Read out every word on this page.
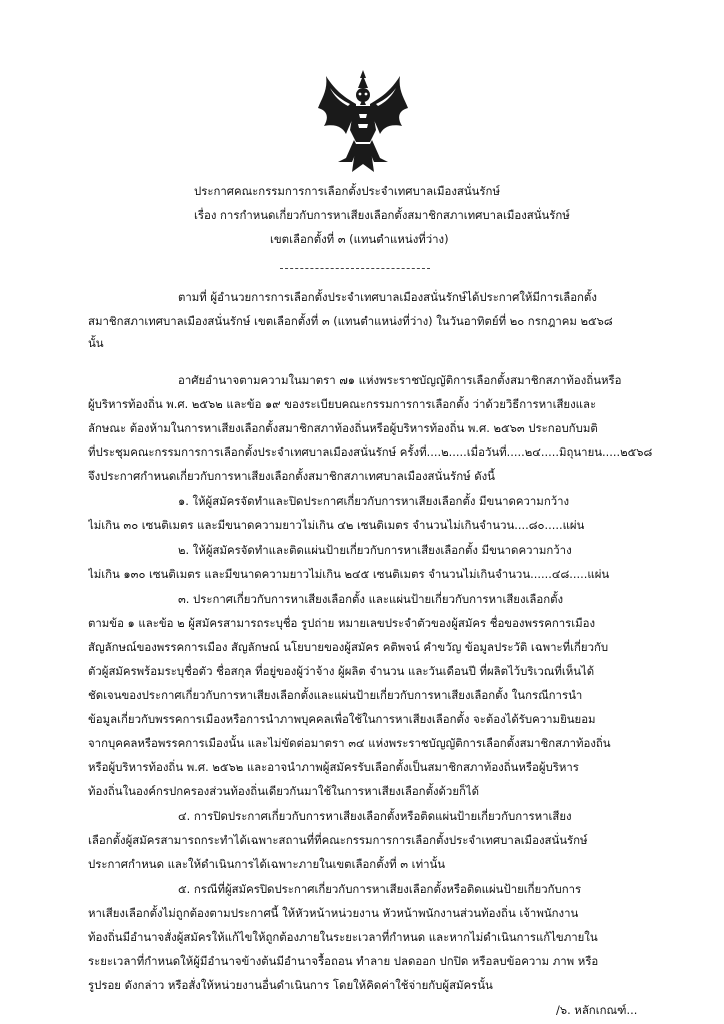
ประกาศคณะกรรมการการเลือกตั้งประจำเทศบาลเมืองสนั่นรักษ์
เรื่อง การกำหนดเกี่ยวกับการหาเสียงเลือกตั้งสมาชิกสภาเทศบาลเมืองสนั่นรักษ์
เขตเลือกตั้งที่ ๓ (แทนตำแหน่งที่ว่าง)
ตามที่ ผู้อำนวยการการเลือกตั้งประจำเทศบาลเมืองสนั่นรักษ์ได้ประกาศให้มีการเลือกตั้ง
สมาชิกสภาเทศบาลเมืองสนั่นรักษ์ เขตเลือกตั้งที่ ๓ (แทนตำแหน่งที่ว่าง) ในวันอาทิตย์ที่ ๒๐ กรกฎาคม ๒๕๖๘
นั้น
อาศัยอำนาจตามความในมาตรา ๗๑ แห่งพระราชบัญญัติการเลือกตั้งสมาชิกสภาท้องถิ่นหรือ
ผู้บริหารท้องถิ่น พ.ศ. ๒๕๖๒ และข้อ ๑๙ ของระเบียบคณะกรรมการการเลือกตั้ง ว่าด้วยวิธีการหาเสียงและ
ลักษณะ ต้องห้ามในการหาเสียงเลือกตั้งสมาชิกสภาท้องถิ่นหรือผู้บริหารท้องถิ่น พ.ศ. ๒๕๖๓ ประกอบกับมติ
ที่ประชุมคณะกรรมการการเลือกตั้งประจำเทศบาลเมืองสนั่นรักษ์ ครั้งที่....๒.....เมื่อวันที่.....๒๔.....มิถุนายน.....๒๕๖๘
จึงประกาศกำหนดเกี่ยวกับการหาเสียงเลือกตั้งสมาชิกสภาเทศบาลเมืองสนั่นรักษ์ ดังนี้
๑. ให้ผู้สมัครจัดทำและปิดประกาศเกี่ยวกับการหาเสียงเลือกตั้ง มีขนาดความกว้าง
ไม่เกิน ๓๐ เซนติเมตร และมีขนาดความยาวไม่เกิน ๔๒ เซนติเมตร จำนวนไม่เกินจำนวน....๘๐.....แผ่น
๒. ให้ผู้สมัครจัดทำและติดแผ่นป้ายเกี่ยวกับการหาเสียงเลือกตั้ง มีขนาดความกว้าง
ไม่เกิน ๑๓๐ เซนติเมตร และมีขนาดความยาวไม่เกิน ๒๔๕ เซนติเมตร จำนวนไม่เกินจำนวน......๔๘.....แผ่น
๓. ประกาศเกี่ยวกับการหาเสียงเลือกตั้ง และแผ่นป้ายเกี่ยวกับการหาเสียงเลือกตั้ง
ตามข้อ ๑ และข้อ ๒ ผู้สมัครสามารถระบุชื่อ รูปถ่าย หมายเลขประจำตัวของผู้สมัคร ชื่อของพรรคการเมือง
สัญลักษณ์ของพรรคการเมือง สัญลักษณ์ นโยบายของผู้สมัคร คติพจน์ คำขวัญ ข้อมูลประวัติ เฉพาะที่เกี่ยวกับ
ตัวผู้สมัครพร้อมระบุชื่อตัว ชื่อสกุล ที่อยู่ของผู้ว่าจ้าง ผู้ผลิต จำนวน และวันเดือนปี ที่ผลิตไว้บริเวณที่เห็นได้
ชัดเจนของประกาศเกี่ยวกับการหาเสียงเลือกตั้งและแผ่นป้ายเกี่ยวกับการหาเสียงเลือกตั้ง ในกรณีการนำ
ข้อมูลเกี่ยวกับพรรคการเมืองหรือการนำภาพบุคคลเพื่อใช้ในการหาเสียงเลือกตั้ง จะต้องได้รับความยินยอม
จากบุคคลหรือพรรคการเมืองนั้น และไม่ขัดต่อมาตรา ๓๔ แห่งพระราชบัญญัติการเลือกตั้งสมาชิกสภาท้องถิ่น
หรือผู้บริหารท้องถิ่น พ.ศ. ๒๕๖๒ และอาจนำภาพผู้สมัครรับเลือกตั้งเป็นสมาชิกสภาท้องถิ่นหรือผู้บริหาร
ท้องถิ่นในองค์กรปกครองส่วนท้องถิ่นเดียวกันมาใช้ในการหาเสียงเลือกตั้งด้วยก็ได้
๔. การปิดประกาศเกี่ยวกับการหาเสียงเลือกตั้งหรือติดแผ่นป้ายเกี่ยวกับการหาเสียง
เลือกตั้งผู้สมัครสามารถกระทำได้เฉพาะสถานที่ที่คณะกรรมการการเลือกตั้งประจำเทศบาลเมืองสนั่นรักษ์
ประกาศกำหนด และให้ดำเนินการได้เฉพาะภายในเขตเลือกตั้งที่ ๓ เท่านั้น
๕. กรณีที่ผู้สมัครปิดประกาศเกี่ยวกับการหาเสียงเลือกตั้งหรือติดแผ่นป้ายเกี่ยวกับการ
หาเสียงเลือกตั้งไม่ถูกต้องตามประกาศนี้ ให้หัวหน้าหน่วยงาน หัวหน้าพนักงานส่วนท้องถิ่น เจ้าพนักงาน
ท้องถิ่นมีอำนาจสั่งผู้สมัครให้แก้ไขให้ถูกต้องภายในระยะเวลาที่กำหนด และหากไม่ดำเนินการแก้ไขภายใน
ระยะเวลาที่กำหนดให้ผู้มีอำนาจข้างต้นมีอำนาจรื้อถอน ทำลาย ปลดออก ปกปิด หรือลบข้อความ ภาพ หรือ
รูปรอย ดังกล่าว หรือสั่งให้หน่วยงานอื่นดำเนินการ โดยให้คิดค่าใช้จ่ายกับผู้สมัครนั้น
/๖. หลักเกณฑ์...
